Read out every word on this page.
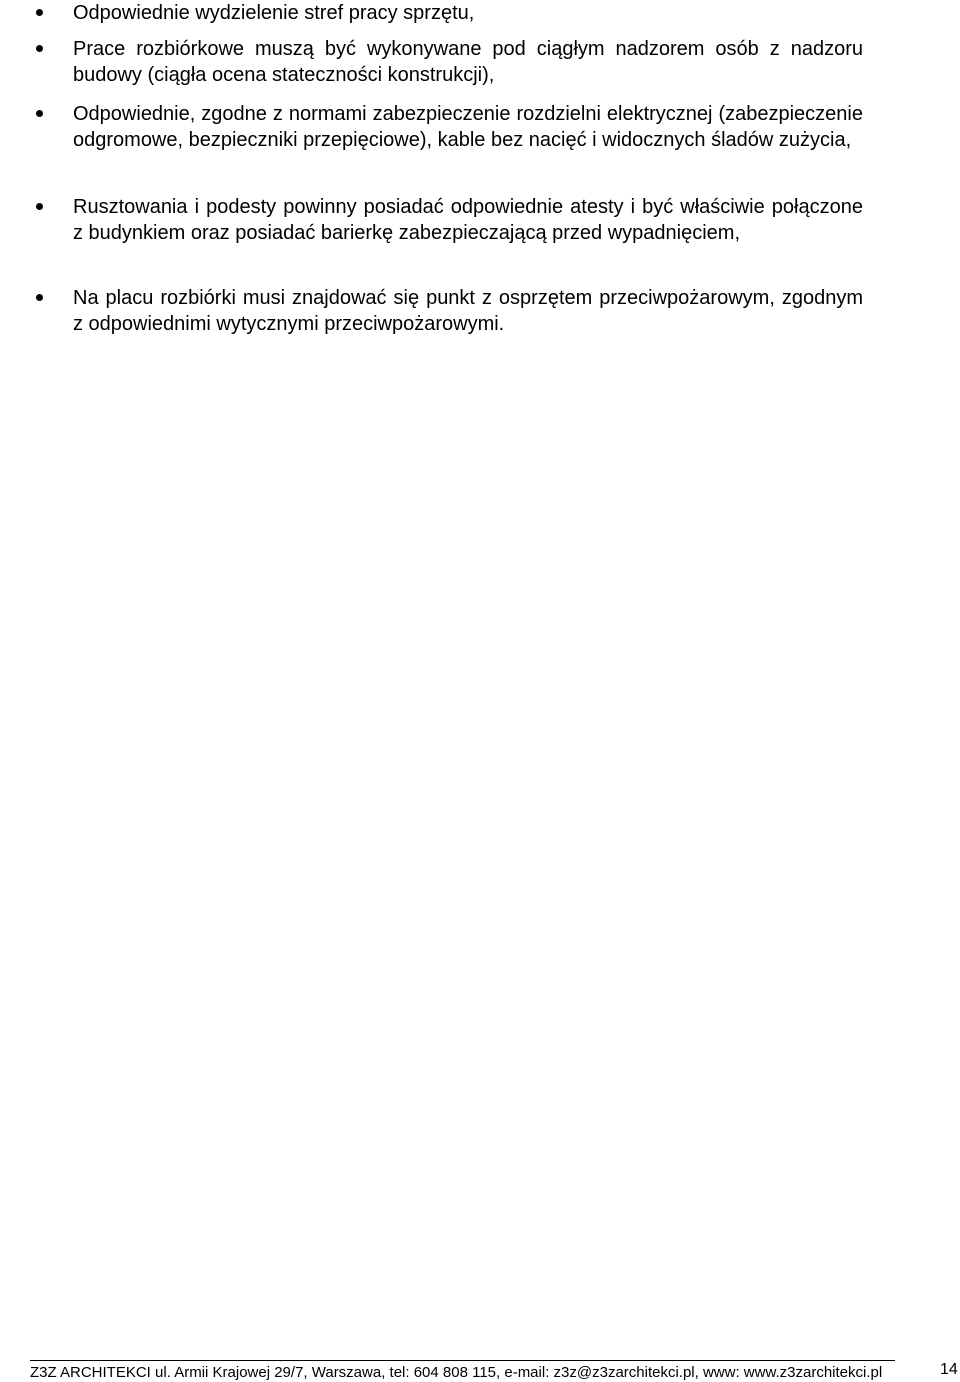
Odpowiednie wydzielenie stref pracy sprzętu,

Prace rozbiórkowe muszą być wykonywane pod ciągłym nadzorem osób z nadzoru budowy (ciągła ocena stateczności konstrukcji),

Odpowiednie, zgodne z normami zabezpieczenie rozdzielni elektrycznej (zabezpieczenie odgromowe, bezpieczniki przepięciowe), kable bez nacięć i widocznych śladów zużycia,

Rusztowania i podesty powinny posiadać odpowiednie atesty i być właściwie połączone z budynkiem oraz posiadać barierkę zabezpieczającą przed wypadnięciem,

Na placu rozbiórki musi znajdować się punkt z osprzętem przeciwpożarowym, zgodnym z odpowiednimi wytycznymi przeciwpożarowymi.

Z3Z ARCHITEKCI ul. Armii Krajowej 29/7, Warszawa, tel: 604 808 115, e-mail: z3z@z3zarchitekci.pl, www: www.z3zarchitekci.pl	14
